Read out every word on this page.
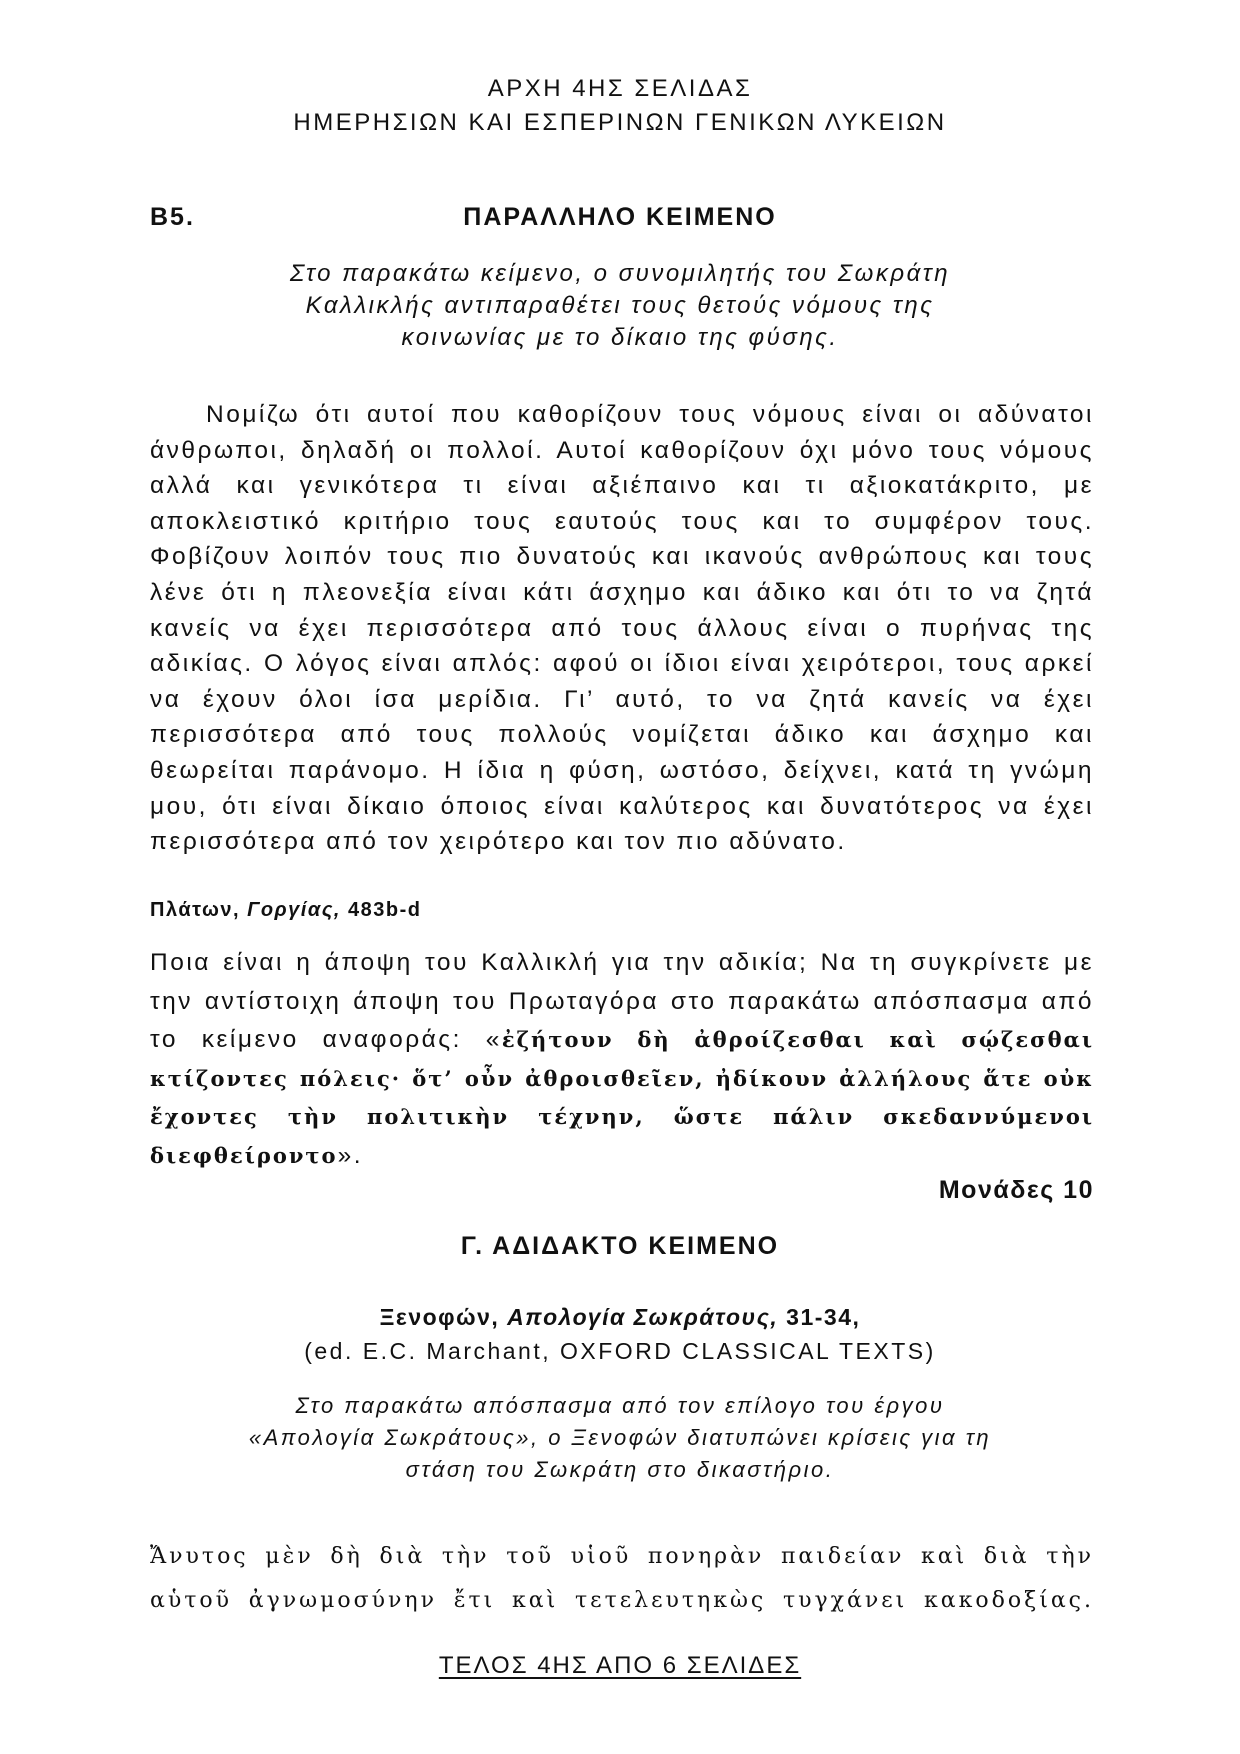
ΑΡΧΗ 4ΗΣ ΣΕΛΙΔΑΣ
ΗΜΕΡΗΣΙΩΝ ΚΑΙ ΕΣΠΕΡΙΝΩΝ ΓΕΝΙΚΩΝ ΛΥΚΕΙΩΝ
Β5.	ΠΑΡΑΛΛΗΛΟ ΚΕΙΜΕΝΟ
Στο παρακάτω κείμενο, ο συνομιλητής του Σωκράτη
Καλλικλής αντιπαραθέτει τους θετούς νόμους της
κοινωνίας με το δίκαιο της φύσης.

Νομίζω ότι αυτοί που καθορίζουν τους νόμους είναι οι αδύνατοι άνθρωποι, δηλαδή οι πολλοί. Αυτοί καθορίζουν όχι μόνο τους νόμους αλλά και γενικότερα τι είναι αξιέπαινο και τι αξιοκατάκριτο, με αποκλειστικό κριτήριο τους εαυτούς τους και το συμφέρον τους. Φοβίζουν λοιπόν τους πιο δυνατούς και ικανούς ανθρώπους και τους λένε ότι η πλεονεξία είναι κάτι άσχημο και άδικο και ότι το να ζητά κανείς να έχει περισσότερα από τους άλλους είναι ο πυρήνας της αδικίας. Ο λόγος είναι απλός: αφού οι ίδιοι είναι χειρότεροι, τους αρκεί να έχουν όλοι ίσα μερίδια. Γι’ αυτό, το να ζητά κανείς να έχει περισσότερα από τους πολλούς νομίζεται άδικο και άσχημο και θεωρείται παράνομο. Η ίδια η φύση, ωστόσο, δείχνει, κατά τη γνώμη μου, ότι είναι δίκαιο όποιος είναι καλύτερος και δυνατότερος να έχει περισσότερα από τον χειρότερο και τον πιο αδύνατο.

Πλάτων, Γοργίας, 483b-d
Ποια είναι η άποψη του Καλλικλή για την αδικία; Να τη συγκρίνετε με την αντίστοιχη άποψη του Πρωταγόρα στο παρακάτω απόσπασμα από το κείμενο αναφοράς: «ἐζήτουν δὴ ἀθροίζεσθαι καὶ σῴζεσθαι κτίζοντες πόλεις· ὅτ’ οὖν ἀθροισθεῖεν, ἠδίκουν ἀλλήλους ἅτε οὐκ ἔχοντες τὴν πολιτικὴν τέχνην, ὥστε πάλιν σκεδαννύμενοι διεφθείροντο».
Μονάδες 10
Γ. ΑΔΙΔΑΚΤΟ ΚΕΙΜΕΝΟ
Ξενοφών, Απολογία Σωκράτους, 31-34,
(ed. E.C. Marchant, OXFORD CLASSICAL TEXTS)
Στο παρακάτω απόσπασμα από τον επίλογο του έργου
«Απολογία Σωκράτους», ο Ξενοφών διατυπώνει κρίσεις για τη
στάση του Σωκράτη στο δικαστήριο.
Ἄνυτος μὲν δὴ διὰ τὴν τοῦ υἱοῦ πονηρὰν παιδείαν καὶ διὰ τὴν αὑτοῦ ἀγνωμοσύνην ἔτι καὶ τετελευτηκὼς τυγχάνει κακοδοξίας.
ΤΕΛΟΣ 4ΗΣ ΑΠΟ 6 ΣΕΛΙΔΕΣ
